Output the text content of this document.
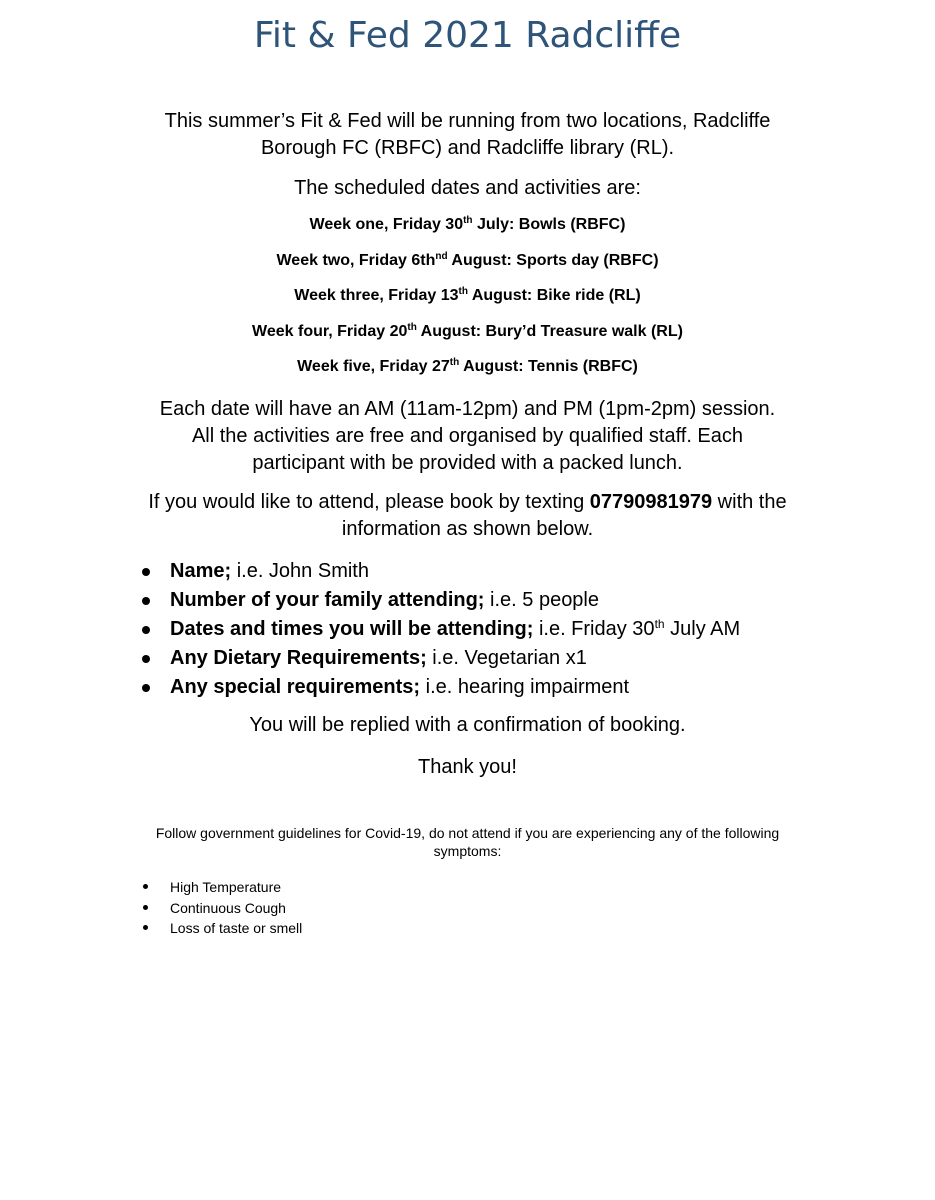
Fit & Fed 2021 Radcliffe

This summer’s Fit & Fed will be running from two locations, Radcliffe

Borough FC (RBFC) and Radcliffe library (RL).

The scheduled dates and activities are:

Week one, Friday 30th July: Bowls (RBFC)
Week two, Friday $6th^{nd}$ August: Sports day (RBFC)
Week three, Friday 13th August: Bike ride (RL)
Week four, Friday 20th August: Bury’d Treasure walk (RL)
Week five, Friday 27th August: Tennis (RBFC)

Each date will have an AM (11am-12pm) and PM (1pm-2pm) session.

All the activities are free and organised by qualified staff. Each

participant with be provided with a packed lunch.

If you would like to attend, please book by texting 07790981979 with the

information as shown below.

Name; i.e. John Smith
Number of your family attending; i.e. 5 people
Dates and times you will be attending; i.e. Friday 30th July AM
Any Dietary Requirements; i.e. Vegetarian x1
Any special requirements; i.e. hearing impairment

You will be replied with a confirmation of booking.

Thank you!

Follow government guidelines for Covid-19, do not attend if you are experiencing any of the following

symptoms:

High Temperature
Continuous Cough
Loss of taste or smell
